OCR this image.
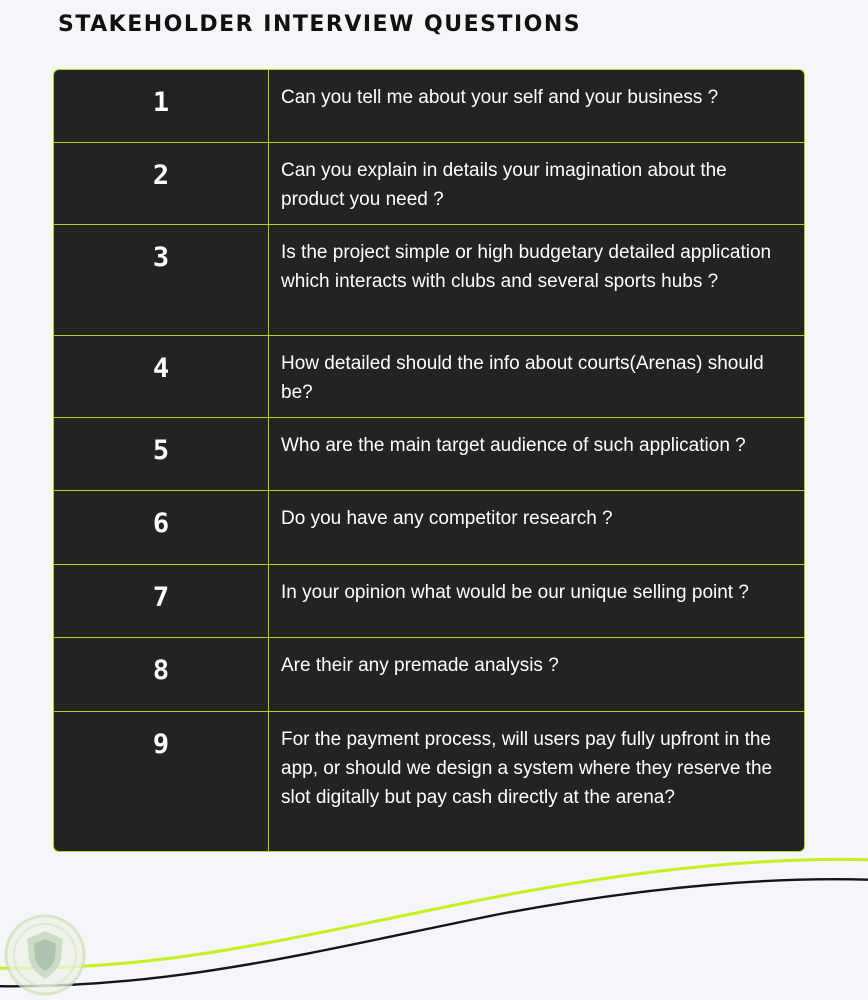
STAKEHOLDER INTERVIEW QUESTIONS
1	Can you tell me about your self and your business ?
2	Can you explain in details your imagination about the product you need ?
3	Is the project simple or high budgetary detailed application which interacts with clubs and several sports hubs ?
4	How detailed should the info about courts(Arenas) should be?
5	Who are the main target audience of such application ?
6	Do you have any competitor research ?
7	In your opinion what would be our unique selling point ?
8	Are their any premade analysis ?
9	For the payment process, will users pay fully upfront in the app, or should we design a system where they reserve the slot digitally but pay cash directly at the arena?
